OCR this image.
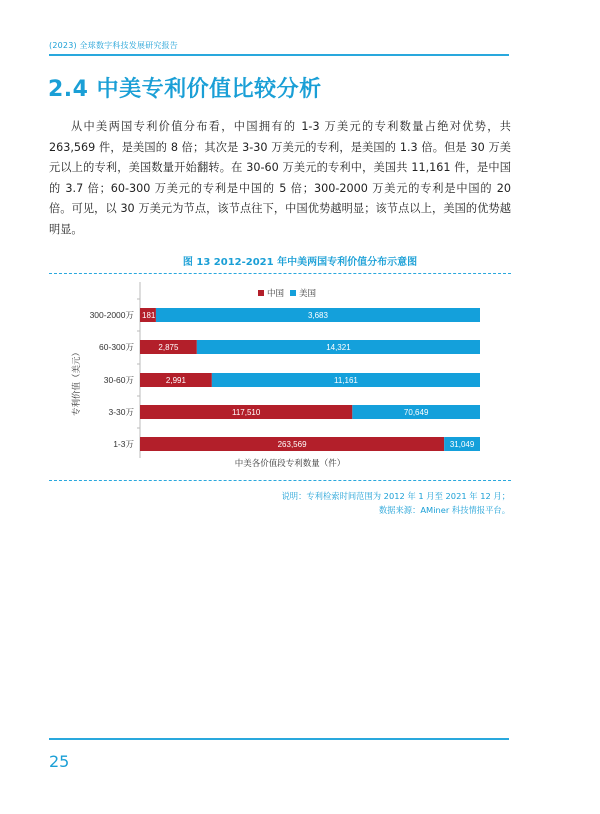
(2023) 全球数字科技发展研究报告
2.4 中美专利价值比较分析
从中美两国专利价值分布看，中国拥有的 1-3 万美元的专利数量占绝对优势，共 263,569 件，是美国的 8 倍；其次是 3-30 万美元的专利，是美国的 1.3 倍。但是 30 万美元以上的专利，美国数量开始翻转。在 30-60 万美元的专利中，美国共 11,161 件，是中国的 3.7 倍；60-300 万美元的专利是中国的 5 倍；300-2000 万美元的专利是中国的 20 倍。可见，以 30 万美元为节点，该节点往下，中国优势越明显；该节点以上，美国的优势越明显。
图 13 2012-2021 年中美两国专利价值分布示意图
中国 美国
181	3,683
300-2000万
2,875	14,321
60-300万
2,991	11,161
30-60万
117,510	70,649
3-30万
263,569	31,049
1-3万
中美各价值段专利数量（件）
专利价值（美元）
说明：专利检索时间范围为 2012 年 1 月至 2021 年 12 月；
数据来源：AMiner 科技情报平台。
25
